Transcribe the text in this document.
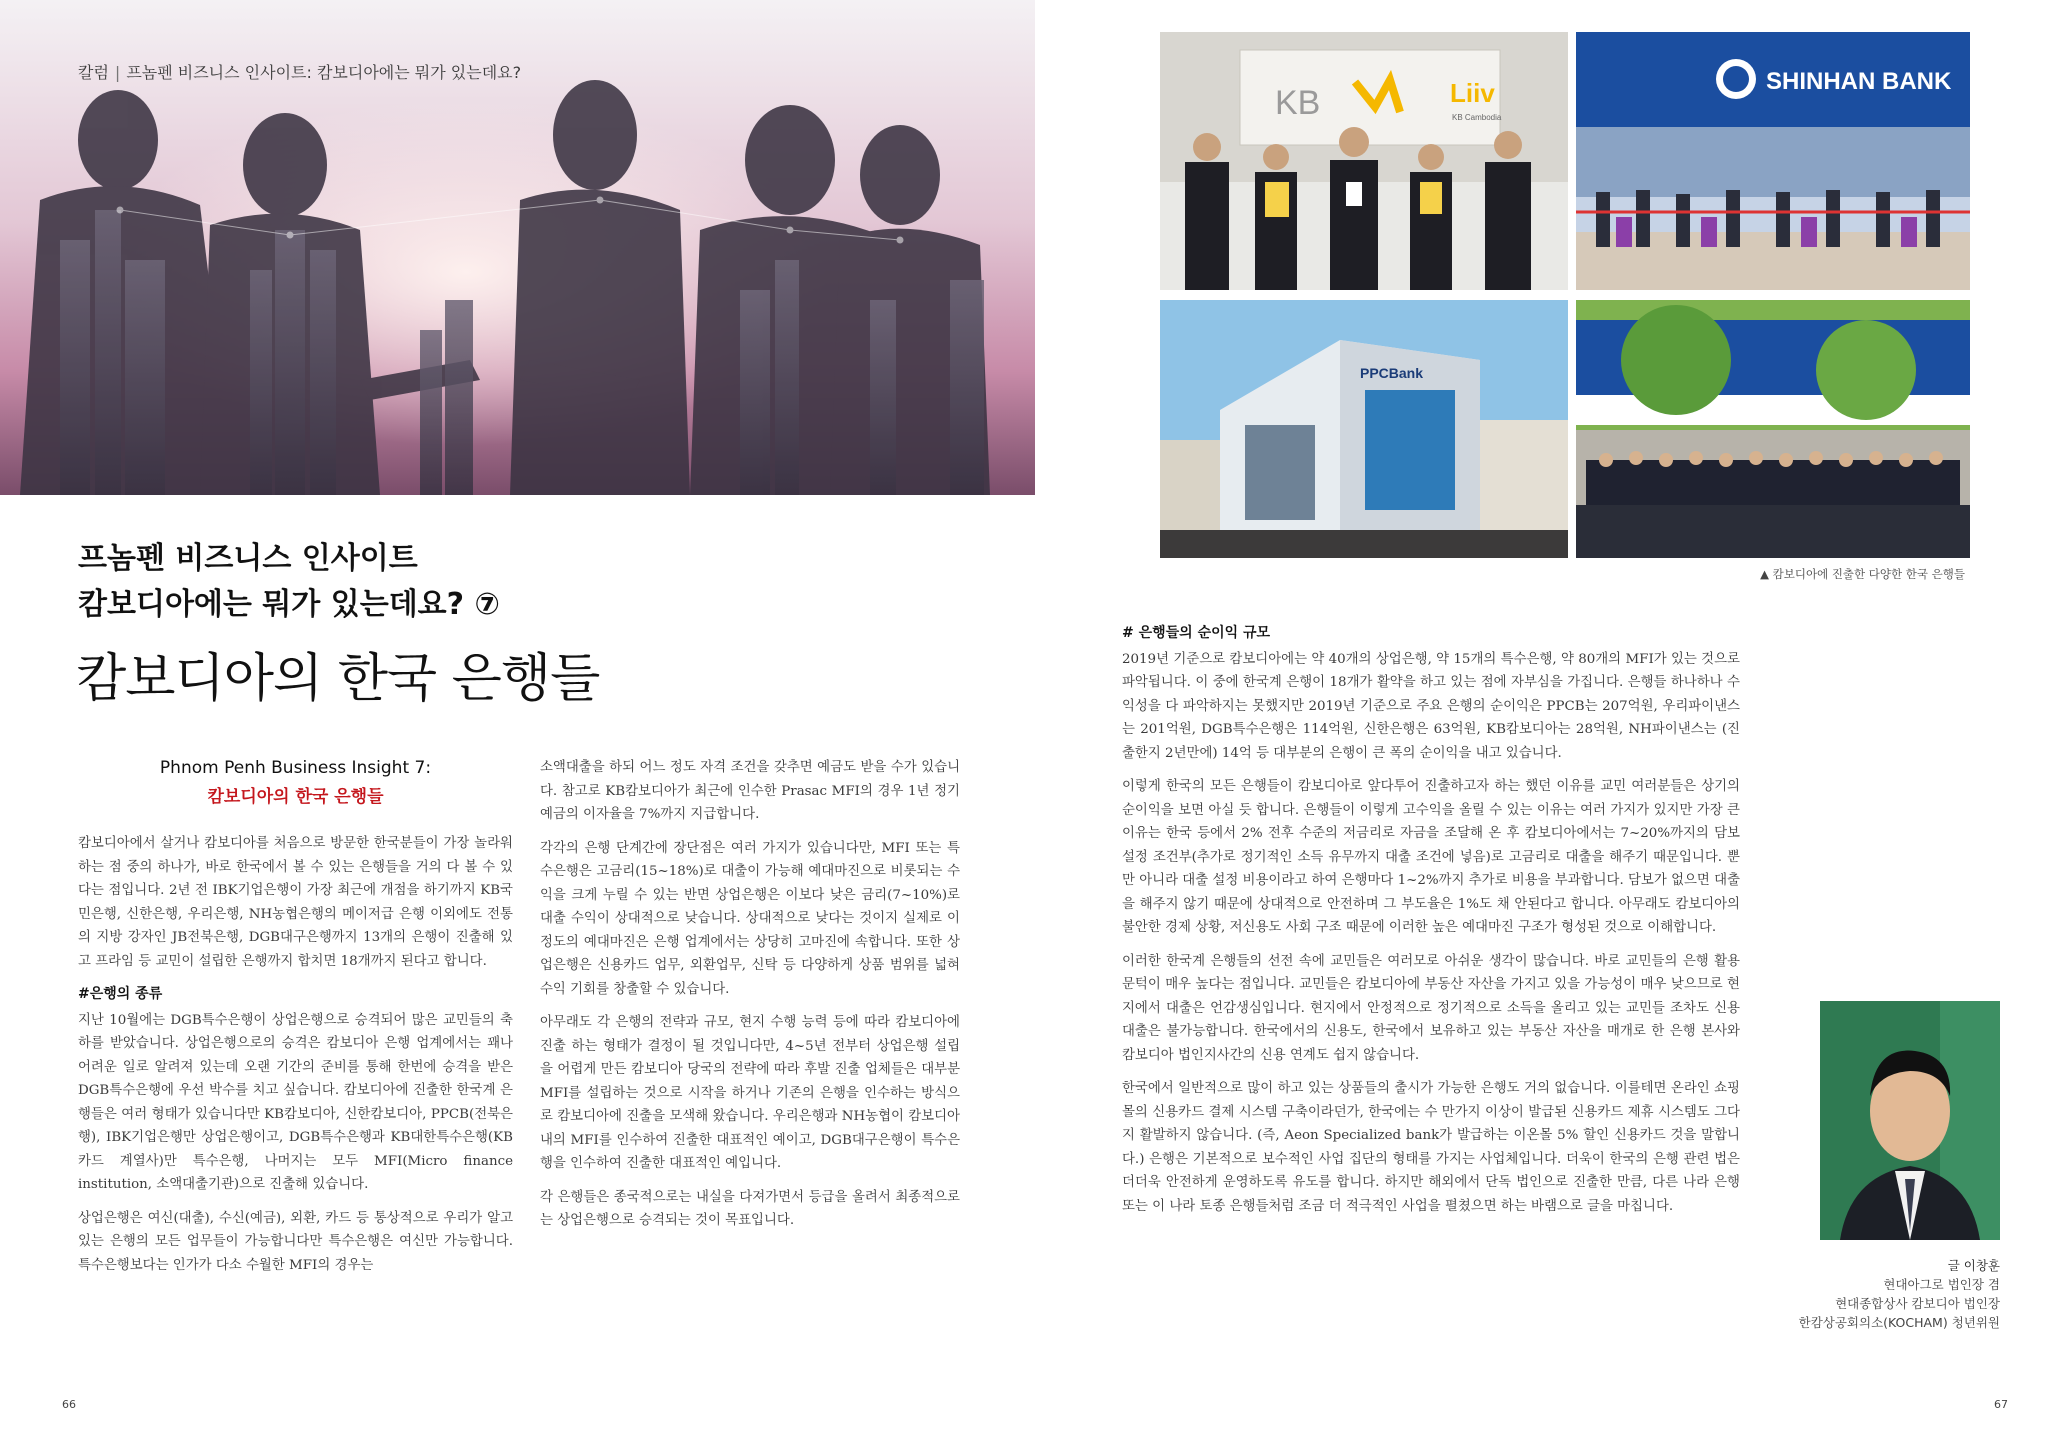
칼럼 | 프놈펜 비즈니스 인사이트: 캄보디아에는 뭐가 있는데요?
프놈펜 비즈니스 인사이트
캄보디아에는 뭐가 있는데요? ⑦
캄보디아의 한국 은행들
Phnom Penh Business Insight 7:
캄보디아의 한국 은행들

캄보디아에서 살거나 캄보디아를 처음으로 방문한 한국분들이 가장 놀라워 하는 점 중의 하나가, 바로 한국에서 볼 수 있는 은행들을 거의 다 볼 수 있다는 점입니다. 2년 전 IBK기업은행이 가장 최근에 개점을 하기까지 KB국민은행, 신한은행, 우리은행, NH농협은행의 메이저급 은행 이외에도 전통의 지방 강자인 JB전북은행, DGB대구은행까지 13개의 은행이 진출해 있고 프라임 등 교민이 설립한 은행까지 합치면 18개까지 된다고 합니다.

#은행의 종류

지난 10월에는 DGB특수은행이 상업은행으로 승격되어 많은 교민들의 축하를 받았습니다. 상업은행으로의 승격은 캄보디아 은행 업계에서는 꽤나 어려운 일로 알려져 있는데 오랜 기간의 준비를 통해 한번에 승격을 받은 DGB특수은행에 우선 박수를 치고 싶습니다. 캄보디아에 진출한 한국계 은행들은 여러 형태가 있습니다만 KB캄보디아, 신한캄보디아, PPCB(전북은행), IBK기업은행만 상업은행이고, DGB특수은행과 KB대한특수은행(KB카드 계열사)만 특수은행, 나머지는 모두 MFI(Micro finance institution, 소액대출기관)으로 진출해 있습니다.

상업은행은 여신(대출), 수신(예금), 외환, 카드 등 통상적으로 우리가 알고 있는 은행의 모든 업무들이 가능합니다만 특수은행은 여신만 가능합니다. 특수은행보다는 인가가 다소 수월한 MFI의 경우는

소액대출을 하되 어느 정도 자격 조건을 갖추면 예금도 받을 수가 있습니다. 참고로 KB캄보디아가 최근에 인수한 Prasac MFI의 경우 1년 정기 예금의 이자율을 7%까지 지급합니다.

각각의 은행 단계간에 장단점은 여러 가지가 있습니다만, MFI 또는 특수은행은 고금리(15~18%)로 대출이 가능해 예대마진으로 비롯되는 수익을 크게 누릴 수 있는 반면 상업은행은 이보다 낮은 금리(7~10%)로 대출 수익이 상대적으로 낮습니다. 상대적으로 낮다는 것이지 실제로 이 정도의 예대마진은 은행 업계에서는 상당히 고마진에 속합니다. 또한 상업은행은 신용카드 업무, 외환업무, 신탁 등 다양하게 상품 범위를 넓혀 수익 기회를 창출할 수 있습니다.

아무래도 각 은행의 전략과 규모, 현지 수행 능력 등에 따라 캄보디아에 진출 하는 형태가 결정이 될 것입니다만, 4~5년 전부터 상업은행 설립을 어렵게 만든 캄보디아 당국의 전략에 따라 후발 진출 업체들은 대부분 MFI를 설립하는 것으로 시작을 하거나 기존의 은행을 인수하는 방식으로 캄보디아에 진출을 모색해 왔습니다. 우리은행과 NH농협이 캄보디아 내의 MFI를 인수하여 진출한 대표적인 예이고, DGB대구은행이 특수은행을 인수하여 진출한 대표적인 예입니다.

각 은행들은 종국적으로는 내실을 다져가면서 등급을 올려서 최종적으로는 상업은행으로 승격되는 것이 목표입니다.

66
KB	Liiv
KB Cambodia
SHINHAN BANK
PPCBank
▲ 캄보디아에 진출한 다양한 한국 은행들
# 은행들의 순이익 규모

2019년 기준으로 캄보디아에는 약 40개의 상업은행, 약 15개의 특수은행, 약 80개의 MFI가 있는 것으로 파악됩니다. 이 중에 한국계 은행이 18개가 활약을 하고 있는 점에 자부심을 가집니다. 은행들 하나하나 수익성을 다 파악하지는 못했지만 2019년 기준으로 주요 은행의 순이익은 PPCB는 207억원, 우리파이낸스는 201억원, DGB특수은행은 114억원, 신한은행은 63억원, KB캄보디아는 28억원, NH파이낸스는 (진출한지 2년만에) 14억 등 대부분의 은행이 큰 폭의 순이익을 내고 있습니다.

이렇게 한국의 모든 은행들이 캄보디아로 앞다투어 진출하고자 하는 했던 이유를 교민 여러분들은 상기의 순이익을 보면 아실 듯 합니다. 은행들이 이렇게 고수익을 올릴 수 있는 이유는 여러 가지가 있지만 가장 큰 이유는 한국 등에서 2% 전후 수준의 저금리로 자금을 조달해 온 후 캄보디아에서는 7~20%까지의 담보 설정 조건부(추가로 정기적인 소득 유무까지 대출 조건에 넣음)로 고금리로 대출을 해주기 때문입니다. 뿐만 아니라 대출 설정 비용이라고 하여 은행마다 1~2%까지 추가로 비용을 부과합니다. 담보가 없으면 대출을 해주지 않기 때문에 상대적으로 안전하며 그 부도율은 1%도 채 안된다고 합니다. 아무래도 캄보디아의 불안한 경제 상황, 저신용도 사회 구조 때문에 이러한 높은 예대마진 구조가 형성된 것으로 이해합니다.

이러한 한국계 은행들의 선전 속에 교민들은 여러모로 아쉬운 생각이 많습니다. 바로 교민들의 은행 활용 문턱이 매우 높다는 점입니다. 교민들은 캄보디아에 부동산 자산을 가지고 있을 가능성이 매우 낮으므로 현지에서 대출은 언감생심입니다. 현지에서 안정적으로 정기적으로 소득을 올리고 있는 교민들 조차도 신용 대출은 불가능합니다. 한국에서의 신용도, 한국에서 보유하고 있는 부동산 자산을 매개로 한 은행 본사와 캄보디아 법인지사간의 신용 연계도 쉽지 않습니다.

한국에서 일반적으로 많이 하고 있는 상품들의 출시가 가능한 은행도 거의 없습니다. 이를테면 온라인 쇼핑몰의 신용카드 결제 시스템 구축이라던가, 한국에는 수 만가지 이상이 발급된 신용카드 제휴 시스템도 그다지 활발하지 않습니다. (즉, Aeon Specialized bank가 발급하는 이온몰 5% 할인 신용카드 것을 말합니다.) 은행은 기본적으로 보수적인 사업 집단의 형태를 가지는 사업체입니다. 더욱이 한국의 은행 관련 법은 더더욱 안전하게 운영하도록 유도를 합니다. 하지만 해외에서 단독 법인으로 진출한 만큼, 다른 나라 은행 또는 이 나라 토종 은행들처럼 조금 더 적극적인 사업을 펼쳤으면 하는 바램으로 글을 마칩니다.

글 이창훈
현대아그로 법인장 겸
현대종합상사 캄보디아 법인장
한캄상공회의소(KOCHAM) 청년위원
67
